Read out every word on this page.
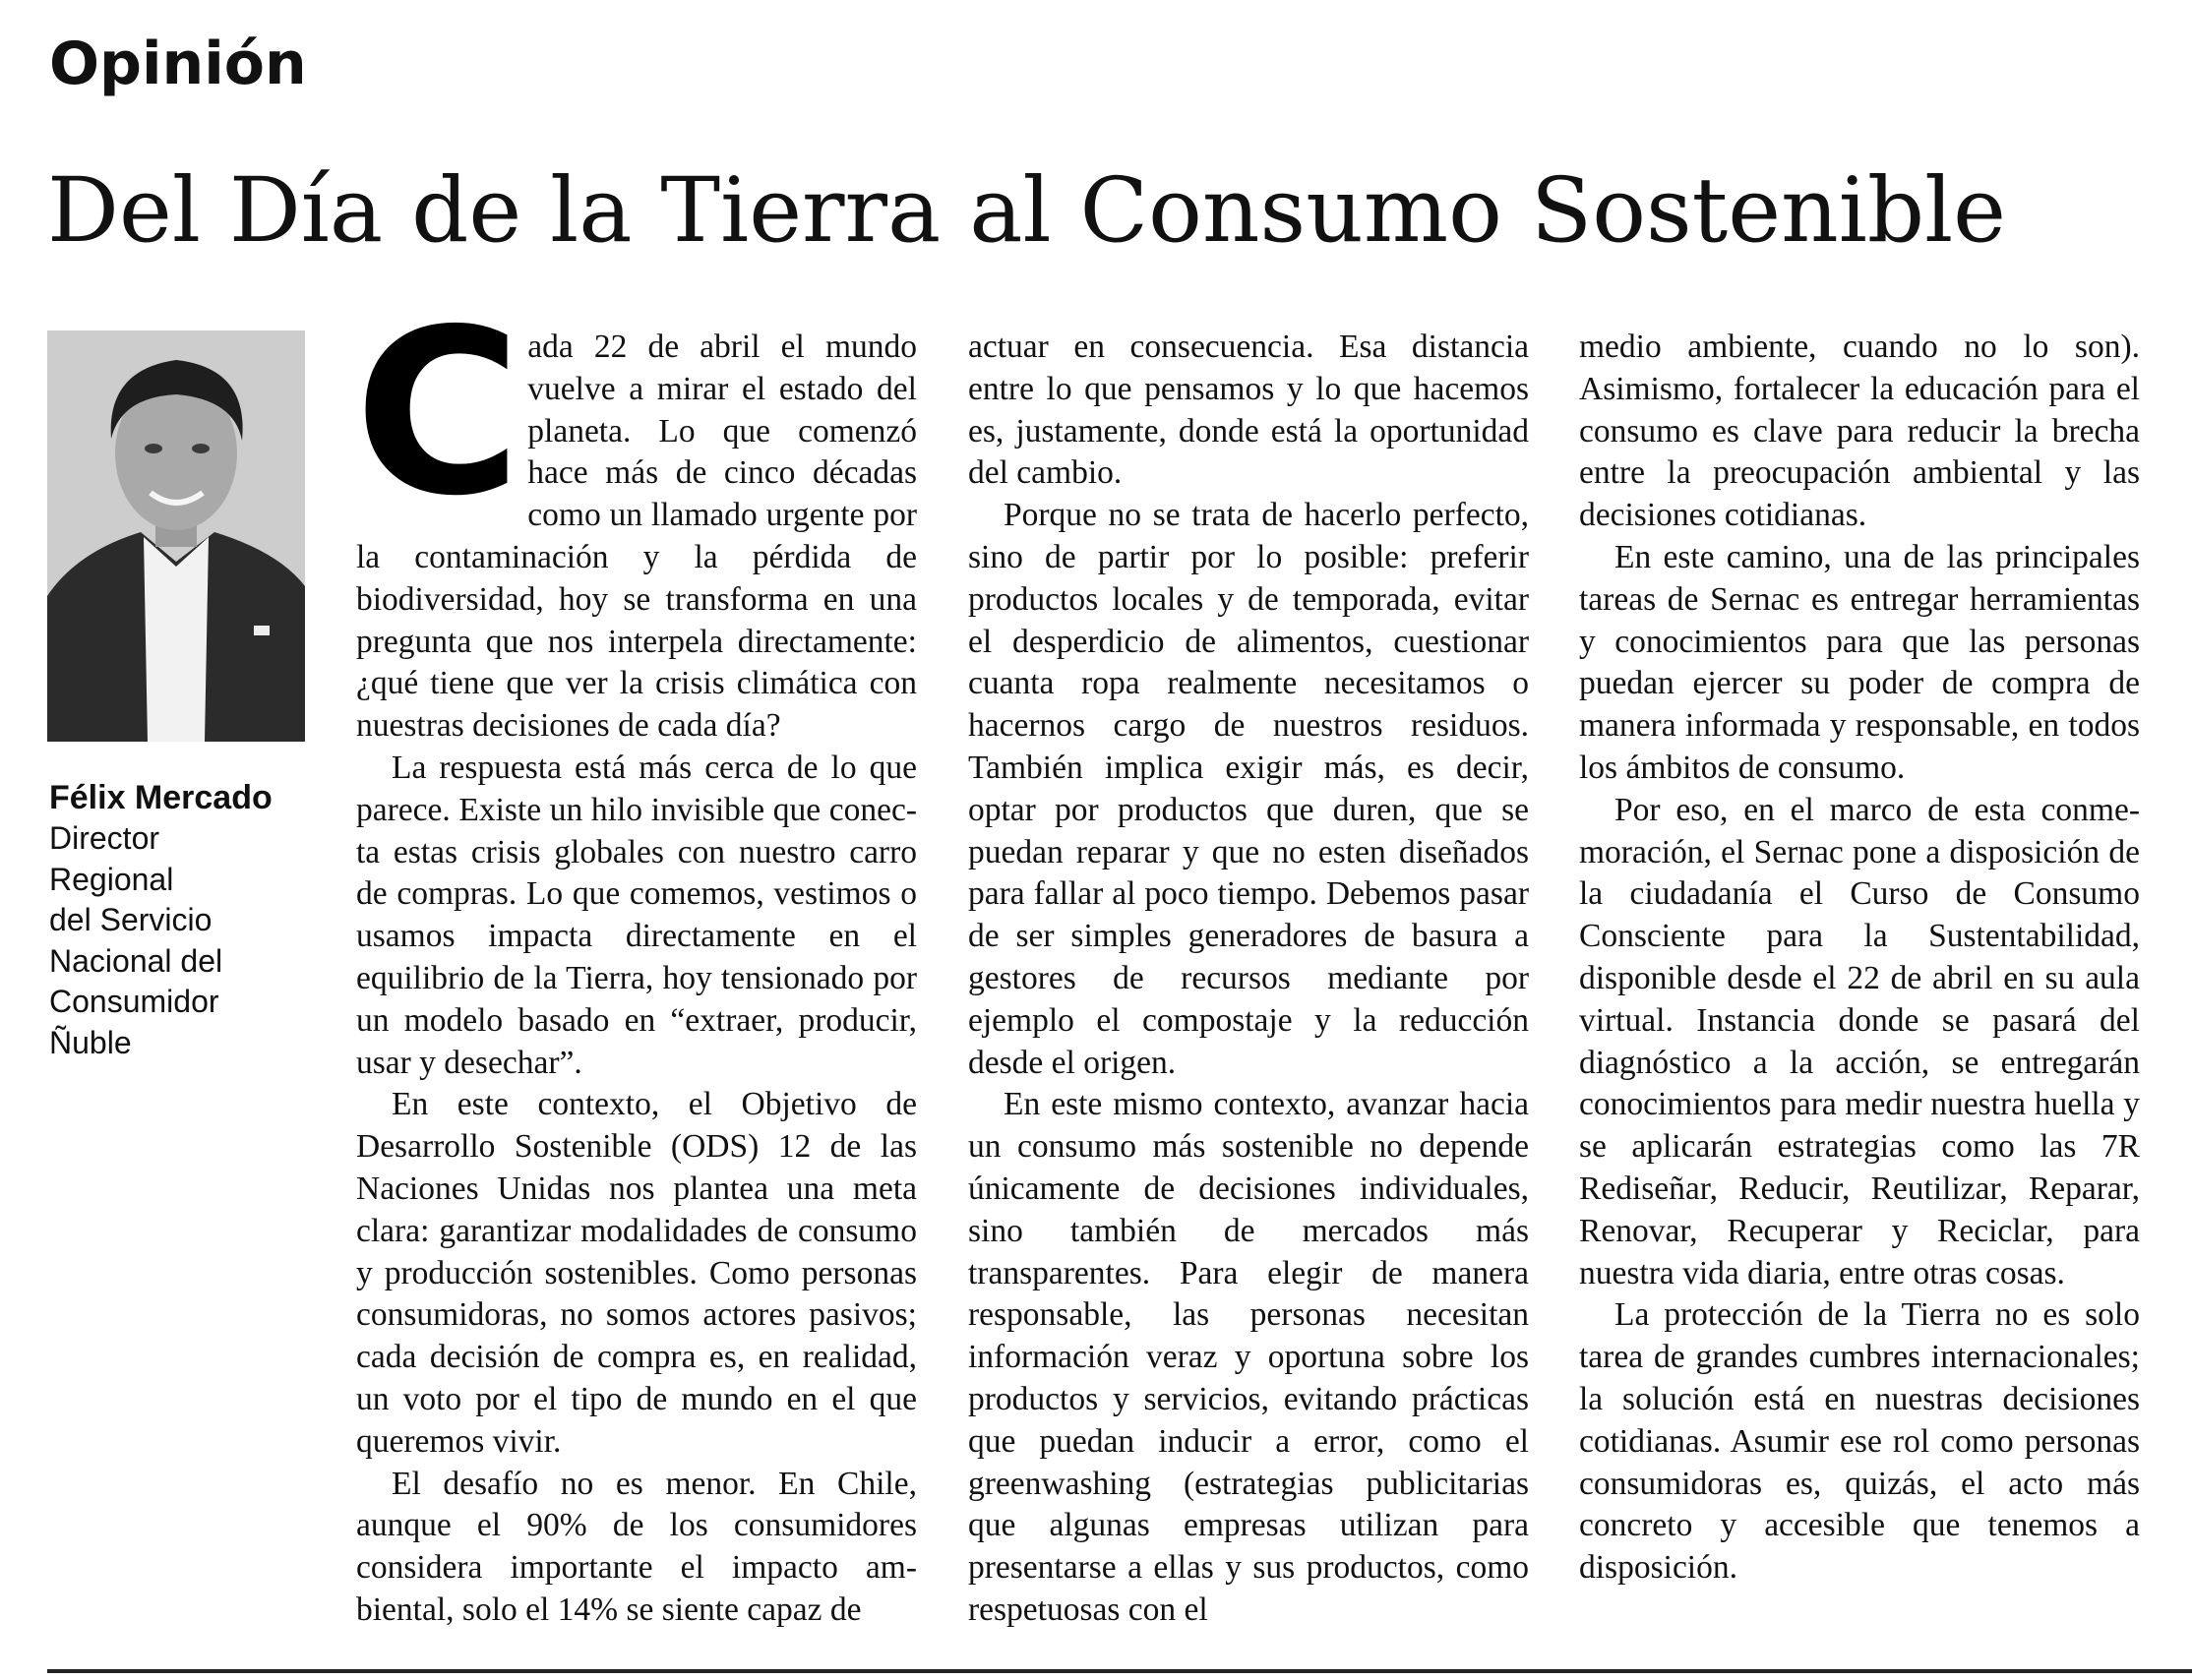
Opinión
Del Día de la Tierra al Consumo Sostenible
Félix Mercado
Director
Regional
del Servicio
Nacional del
Consumidor
Ñuble
C ada 22 de abril el mundo vuelve a mirar el estado del planeta. Lo que comenzó hace más de cinco décadas como un llamado urgente por la contaminación y la pérdida de biodiversidad, hoy se transforma en una pregunta que nos interpela directamente: ¿qué tiene que ver la crisis climática con nuestras decisiones de cada día?

La respuesta está más cerca de lo que parece. Existe un hilo invisible que conecta estas crisis globales con nuestro carro de compras. Lo que comemos, vestimos o usamos impacta directamente en el equilibrio de la Tierra, hoy tensionado por un modelo basado en “extraer, producir, usar y desechar”.

En este contexto, el Objetivo de Desarrollo Sostenible (ODS) 12 de las Naciones Unidas nos plantea una meta clara: garantizar modalidades de consumo y producción sostenibles. Como personas consumidoras, no somos actores pasivos; cada decisión de compra es, en realidad, un voto por el tipo de mundo en el que queremos vivir.

El desafío no es menor. En Chile, aunque el 90% de los consumidores considera importante el impacto ambiental, solo el 14% se siente capaz de

actuar en consecuencia. Esa distancia entre lo que pensamos y lo que hacemos es, justamente, donde está la oportunidad del cambio.

Porque no se trata de hacerlo perfecto, sino de partir por lo posible: preferir productos locales y de temporada, evitar el desperdicio de alimentos, cuestionar cuanta ropa realmente necesitamos o hacernos cargo de nuestros residuos. También implica exigir más, es decir, optar por productos que duren, que se puedan reparar y que no esten diseñados para fallar al poco tiempo. Debemos pasar de ser simples generadores de basura a gestores de recursos mediante por ejemplo el compostaje y la reducción desde el origen.

En este mismo contexto, avanzar hacia un consumo más sostenible no depende únicamente de decisiones individuales, sino también de mercados más transparentes. Para elegir de manera responsable, las personas necesitan información veraz y oportuna sobre los productos y servicios, evitando prácticas que puedan inducir a error, como el greenwashing (estrategias publicitarias que algunas empresas utilizan para presentarse a ellas y sus productos, como respetuosas con el

medio ambiente, cuando no lo son). Asimismo, fortalecer la educación para el consumo es clave para reducir la brecha entre la preocupación ambiental y las decisiones cotidianas.

En este camino, una de las principales tareas de Sernac es entregar herramientas y conocimientos para que las personas puedan ejercer su poder de compra de manera informada y responsable, en todos los ámbitos de consumo.

Por eso, en el marco de esta conmemoración, el Sernac pone a disposición de la ciudadanía el Curso de Consumo Consciente para la Sustentabilidad, disponible desde el 22 de abril en su aula virtual. Instancia donde se pasará del diagnóstico a la acción, se entregarán conocimientos para medir nuestra huella y se aplicarán estrategias como las 7R Rediseñar, Reducir, Reutilizar, Reparar, Renovar, Recuperar y Reciclar, para nuestra vida diaria, entre otras cosas.

La protección de la Tierra no es solo tarea de grandes cumbres internacionales; la solución está en nuestras decisiones cotidianas. Asumir ese rol como personas consumidoras es, quizás, el acto más concreto y accesible que tenemos a disposición.
